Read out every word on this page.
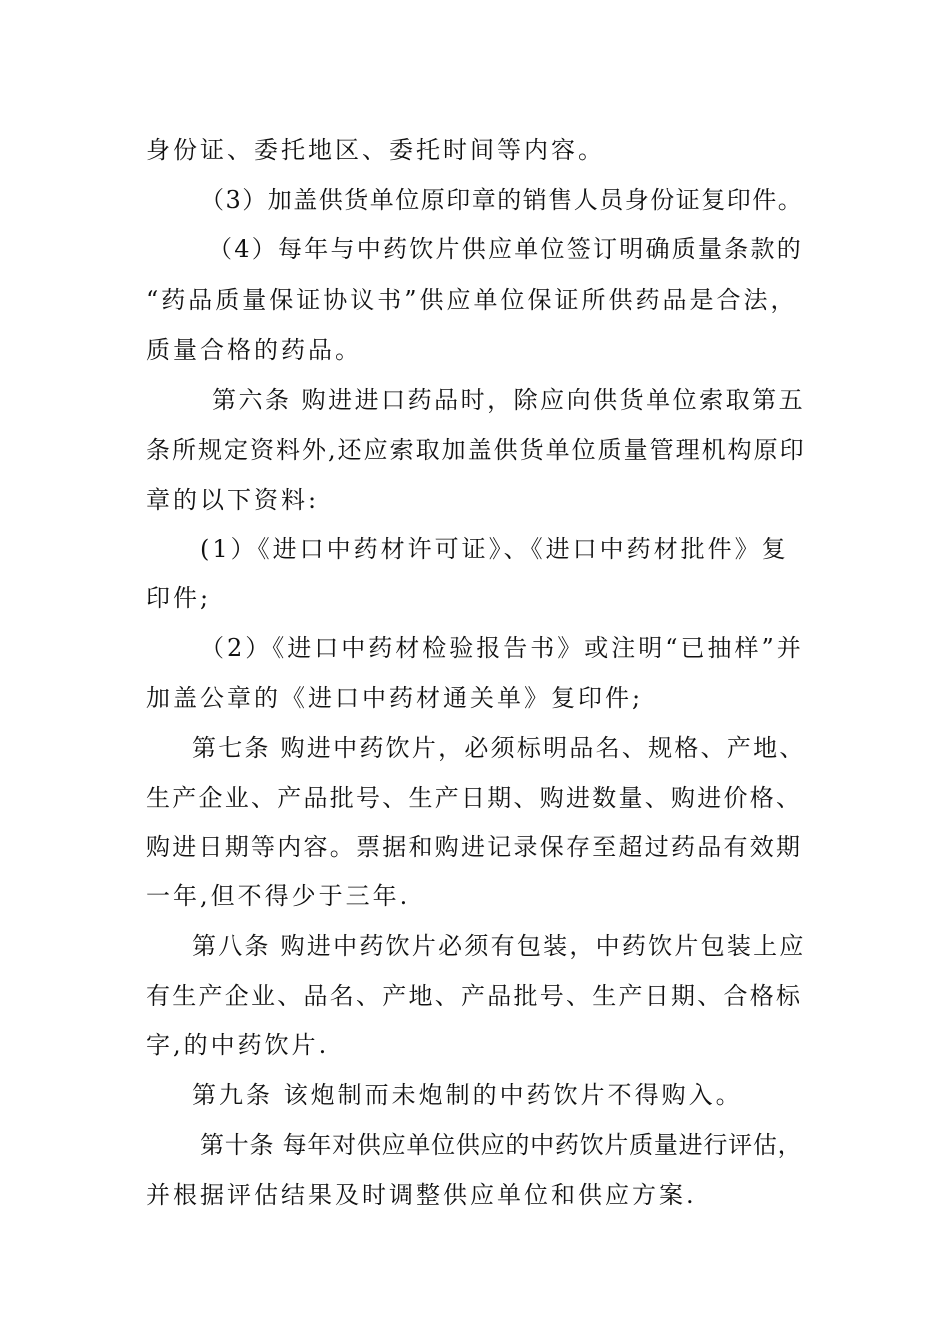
身份证、委托地区、委托时间等内容。
（3）加盖供货单位原印章的销售人员身份证复印件。
（4）每年与中药饮片供应单位签订明确质量条款的
“药品质量保证协议书”供应单位保证所供药品是合法，
质量合格的药品。
第六条 购进进口药品时，除应向供货单位索取第五
条所规定资料外,还应索取加盖供货单位质量管理机构原印
章的以下资料:
(1）《进口中药材许可证》、《进口中药材批件》复
印件;
（2）《进口中药材检验报告书》或注明“已抽样”并
加盖公章的《进口中药材通关单》复印件;
第七条 购进中药饮片，必须标明品名、规格、产地、
生产企业、产品批号、生产日期、购进数量、购进价格、
购进日期等内容。票据和购进记录保存至超过药品有效期
一年,但不得少于三年.
第八条 购进中药饮片必须有包装，中药饮片包装上应
有生产企业、品名、产地、产品批号、生产日期、合格标
字,的中药饮片.
第九条 该炮制而未炮制的中药饮片不得购入。
第十条 每年对供应单位供应的中药饮片质量进行评估，
并根据评估结果及时调整供应单位和供应方案.
